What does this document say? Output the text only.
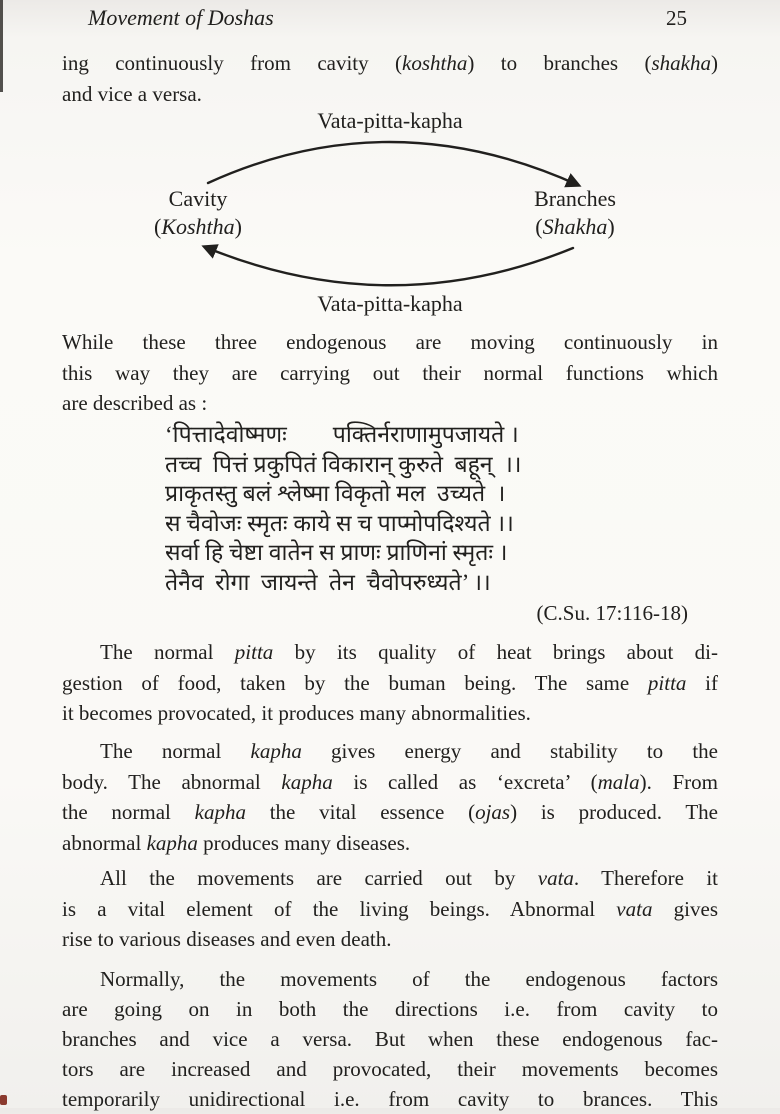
Movement of Doshas	25
ing continuously from cavity (koshtha) to branches (shakha)
and vice a versa.
Vata-pitta-kapha
Vata-pitta-kapha
Cavity
(Koshtha)
Branches
(Shakha)
While these three endogenous are moving continuously in
this way they are carrying out their normal functions which
are described as :
‘पित्तादेवोष्मणः        पक्तिर्नराणामुपजायते ।
तच्च  पित्तं प्रकुपितं विकारान् कुरुते  बहून्  ।।
प्राकृतस्तु बलं श्लेष्मा विकृतो मल  उच्यते  ।
स चैवोजः स्मृतः काये स च पाप्मोपदिश्यते ।।
सर्वा हि चेष्टा वातेन स प्राणः प्राणिनां स्मृतः ।
तेनैव  रोगा  जायन्ते  तेन  चैवोपरुध्यते’ ।।
(C.Su. 17:116-18)
The normal pitta by its quality of heat brings about di-
gestion of food, taken by the buman being. The same pitta if
it becomes provocated, it produces many abnormalities.
The normal kapha gives energy and stability to the
body. The abnormal kapha is called as ‘excreta’ (mala). From
the normal kapha the vital essence (ojas) is produced. The
abnormal kapha produces many diseases.
All the movements are carried out by vata. Therefore it
is a vital element of the living beings. Abnormal vata gives
rise to various diseases and even death.
Normally, the movements of the endogenous factors
are going on in both the directions i.e. from cavity to
branches and vice a versa. But when these endogenous fac-
tors are increased and provocated, their movements becomes
temporarily unidirectional i.e. from cavity to brances. This
